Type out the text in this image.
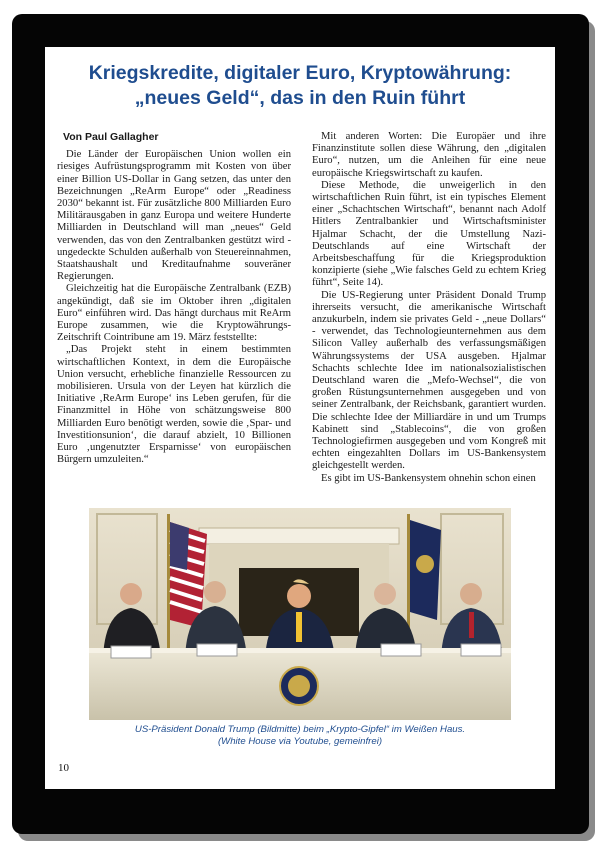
Kriegskredite, digitaler Euro, Kryptowährung:
„neues Geld“, das in den Ruin führt
Von Paul Gallagher

Die Länder der Europäischen Union wollen ein riesiges Aufrüstungsprogramm mit Kosten von über einer Billion US-Dollar in Gang setzen, das unter den Bezeichnungen „ReArm Europe“ oder „Readiness 2030“ bekannt ist. Für zusätzliche 800 Milliarden Euro Militärausgaben in ganz Europa und weitere Hunderte Milliarden in Deutschland will man „neues“ Geld verwenden, das von den Zentralbanken gestützt wird - ungedeckte Schulden außerhalb von Steuereinnahmen, Staatshaushalt und Kreditaufnahme souveräner Regierungen.

Gleichzeitig hat die Europäische Zentralbank (EZB) angekündigt, daß sie im Oktober ihren „digitalen Euro“ einführen wird. Das hängt durchaus mit ReArm Europe zusammen, wie die Kryptowährungs-Zeitschrift Cointribune am 19. März feststellte:

„Das Projekt steht in einem bestimmten wirtschaftlichen Kontext, in dem die Europäische Union versucht, erhebliche finanzielle Ressourcen zu mobilisieren. Ursula von der Leyen hat kürzlich die Initiative ‚ReArm Europe‘ ins Leben gerufen, für die Finanzmittel in Höhe von schätzungsweise 800 Milliarden Euro benötigt werden, sowie die ‚Spar- und Investitionsunion‘, die darauf abzielt, 10 Billionen Euro ‚ungenutzter Ersparnisse‘ von europäischen Bürgern umzuleiten.“

Mit anderen Worten: Die Europäer und ihre Finanzinstitute sollen diese Währung, den „digitalen Euro“, nutzen, um die Anleihen für eine neue europäische Kriegswirtschaft zu kaufen.

Diese Methode, die unweigerlich in den wirtschaftlichen Ruin führt, ist ein typisches Element einer „Schachtschen Wirtschaft“, benannt nach Adolf Hitlers Zentralbankier und Wirtschaftsminister Hjalmar Schacht, der die Umstellung Nazi-Deutschlands auf eine Wirtschaft der Arbeitsbeschaffung für die Kriegsproduktion konzipierte (siehe „Wie falsches Geld zu echtem Krieg führt“, Seite 14).

Die US-Regierung unter Präsident Donald Trump ihrerseits versucht, die amerikanische Wirtschaft anzukurbeln, indem sie privates Geld - „neue Dollars“ - verwendet, das Technologieunternehmen aus dem Silicon Valley außerhalb des verfassungsmäßigen Währungssystems der USA ausgeben. Hjalmar Schachts schlechte Idee im nationalsozialistischen Deutschland waren die „Mefo-Wechsel“, die von großen Rüstungsunternehmen ausgegeben und von seiner Zentralbank, der Reichsbank, garantiert wurden. Die schlechte Idee der Milliardäre in und um Trumps Kabinett sind „Stablecoins“, die von großen Technologiefirmen ausgegeben und vom Kongreß mit echten eingezahlten Dollars im US-Bankensystem gleichgestellt werden.

Es gibt im US-Bankensystem ohnehin schon einen

US-Präsident Donald Trump (Bildmitte) beim „Krypto-Gipfel“ im Weißen Haus.
(White House via Youtube, gemeinfrei)
10
